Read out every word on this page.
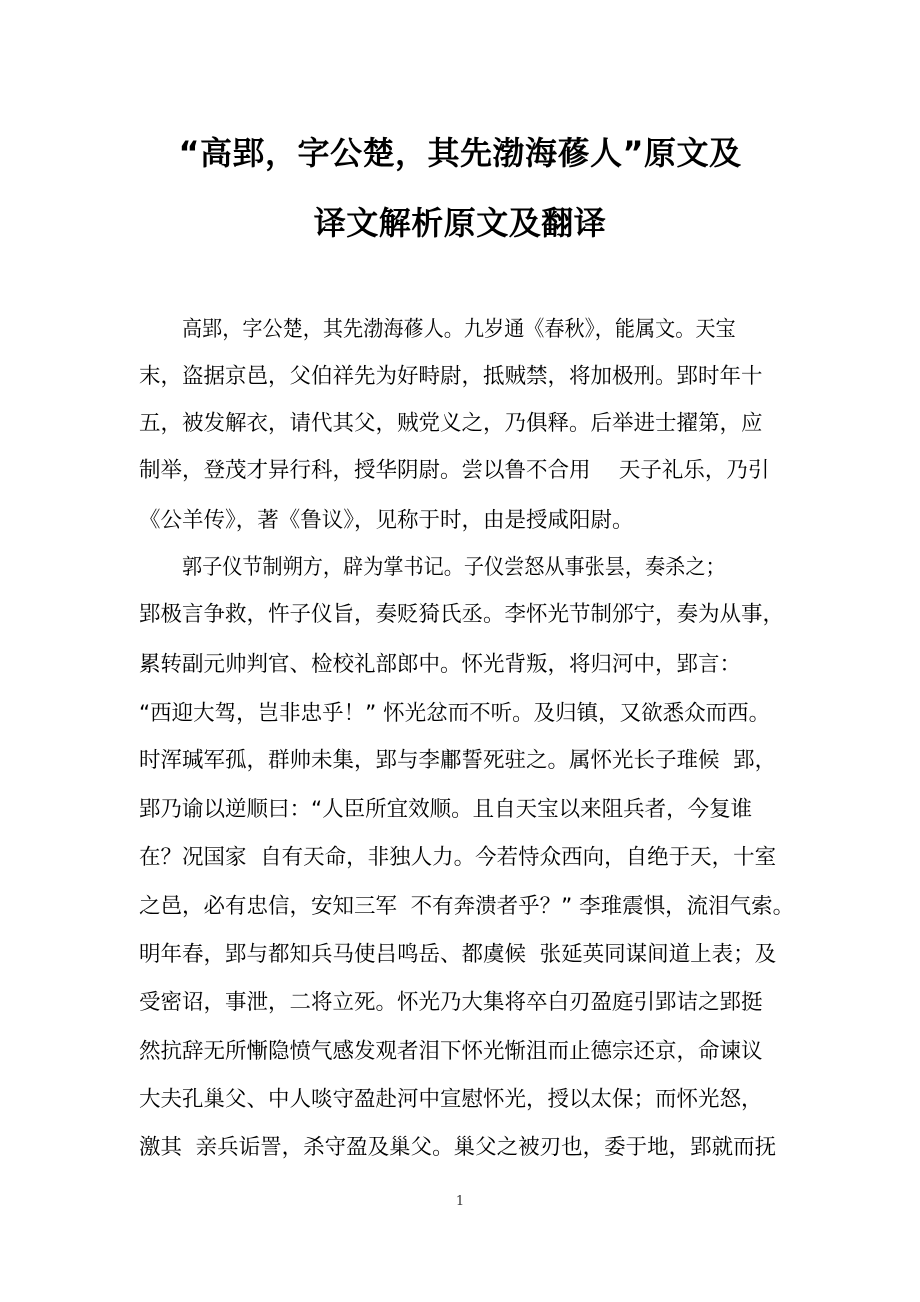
“高郢，字公楚，其先渤海蓚人”原文及
译文解析原文及翻译
高郢，字公楚，其先渤海蓚人。九岁通《春秋》，能属文。天宝
末，盗据京邑，父伯祥先为好畤尉，抵贼禁，将加极刑。郢时年十
五，被发解衣，请代其父，贼党义之，乃俱释。后举进士擢第，应
制举，登茂才异行科，授华阴尉。尝以鲁不合用　 天子礼乐，乃引
《公羊传》，著《鲁议》，见称于时，由是授咸阳尉。
郭子仪节制朔方，辟为掌书记。子仪尝怒从事张昙，奏杀之；
郢极言争救，忤子仪旨，奏贬猗氏丞。李怀光节制邠宁，奏为从事，
累转副元帅判官、检校礼部郎中。怀光背叛，将归河中，郢言：
“西迎大驾，岂非忠乎！” 怀光忿而不听。及归镇，又欲悉众而西。
时浑瑊军孤，群帅未集，郢与李鄘誓死驻之。属怀光长子琟候  郢，
郢乃谕以逆顺曰：“人臣所宜效顺。且自天宝以来阻兵者，今复谁
在？况国家  自有天命，非独人力。今若恃众西向，自绝于天，十室
之邑，必有忠信，安知三军  不有奔溃者乎？” 李琟震惧，流泪气索。
明年春，郢与都知兵马使吕鸣岳、都虞候  张延英同谋间道上表；及
受密诏，事泄，二将立死。怀光乃大集将卒白刃盈庭引郢诘之郢挺
然抗辞无所慚隐愤气感发观者泪下怀光惭沮而止德宗还京，命谏议
大夫孔巢父、中人啖守盈赴河中宣慰怀光，授以太保；而怀光怒，
激其  亲兵诟詈，杀守盈及巢父。巢父之被刃也，委于地，郢就而抚
1
